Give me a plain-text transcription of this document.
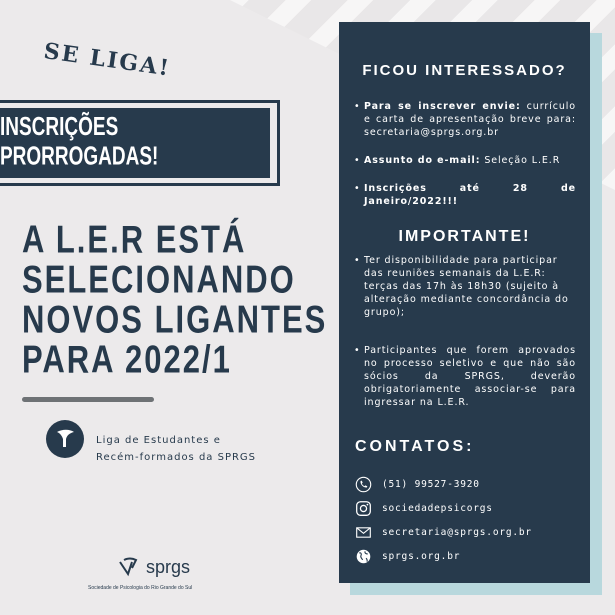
SE LIGA!
INSCRIÇÕES PRORROGADAS!
A L.E.R ESTÁ
SELECIONANDO
NOVOS LIGANTES
PARA 2022/1
Liga de Estudantes e
Recém-formados da SPRGS
sprgs
Sociedade de Psicologia do Rio Grande do Sul
FICOU INTERESSADO?
• Para se inscrever envie: currículo e carta de apresentação breve para: secretaria@sprgs.org.br
• Assunto do e-mail: Seleção L.E.R
• Inscrições até 28 de Janeiro/2022!!!
IMPORTANTE!
• Ter disponibilidade para participar das reuniões semanais da L.E.R: terças das 17h às 18h30 (sujeito à alteração mediante concordância do grupo);
• Participantes que forem aprovados no processo seletivo e que não são sócios da SPRGS, deverão obrigatoriamente associar-se para ingressar na L.E.R.
CONTATOS:
(51) 99527-3920
sociedadepsicorgs
secretaria@sprgs.org.br
sprgs.org.br
